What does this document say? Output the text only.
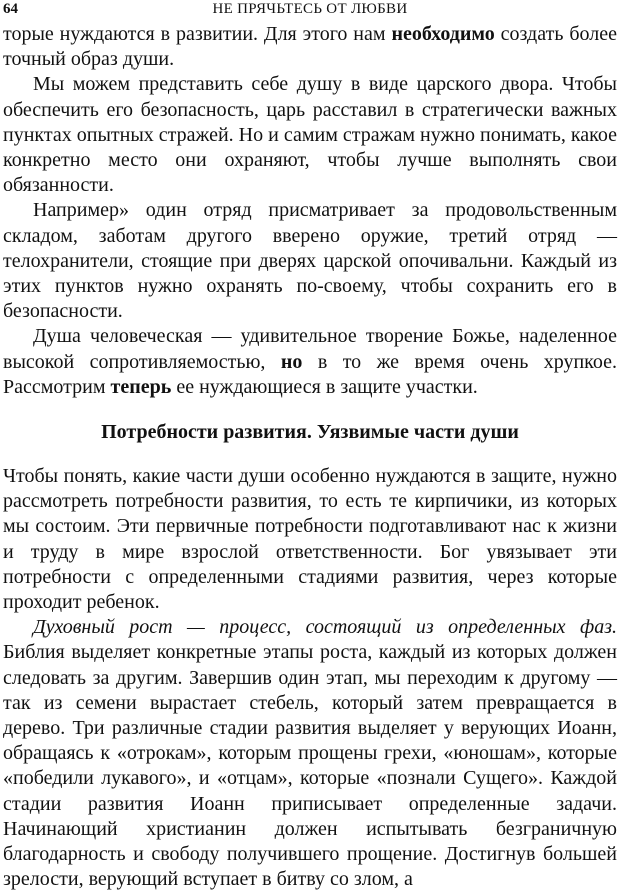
64	НЕ ПРЯЧЬТЕСЬ ОТ ЛЮБВИ

торые нуждаются в развитии. Для этого нам необходимо создать более точный образ души.

Мы можем представить себе душу в виде царского двора. Чтобы обеспечить его безопасность, царь расставил в стратегически важных пунктах опытных стражей. Но и самим стражам нужно понимать, какое конкретно место они охраняют, чтобы лучше выполнять свои обязанности.

Например» один отряд присматривает за продовольственным складом, заботам другого вверено оружие, третий отряд — телохранители, стоящие при дверях царской опочивальни. Каждый из этих пунктов нужно охранять по-своему, чтобы сохранить его в безопасности.

Душа человеческая — удивительное творение Божье, наделенное высокой сопротивляемостью, но в то же время очень хрупкое. Рассмотрим теперь ее нуждающиеся в защите участки.

Потребности развития. Уязвимые части души

Чтобы понять, какие части души особенно нуждаются в защите, нужно рассмотреть потребности развития, то есть те кирпичики, из которых мы состоим. Эти первичные потребности подготавливают нас к жизни и труду в мире взрослой ответственности. Бог увязывает эти потребности с определенными стадиями развития, через которые проходит ребенок.

Духовный рост — процесс, состоящий из определенных фаз. Библия выделяет конкретные этапы роста, каждый из которых должен следовать за другим. Завершив один этап, мы переходим к другому — так из семени вырастает стебель, который затем превращается в дерево. Три различные стадии развития выделяет у верующих Иоанн, обращаясь к «отрокам», которым прощены грехи, «юношам», которые «победили лукавого», и «отцам», которые «познали Сущего». Каждой стадии развития Иоанн приписывает определенные задачи. Начинающий христианин должен испытывать безграничную благодарность и свободу получившего прощение. Достигнув большей зрелости, верующий вступает в битву со злом, а
